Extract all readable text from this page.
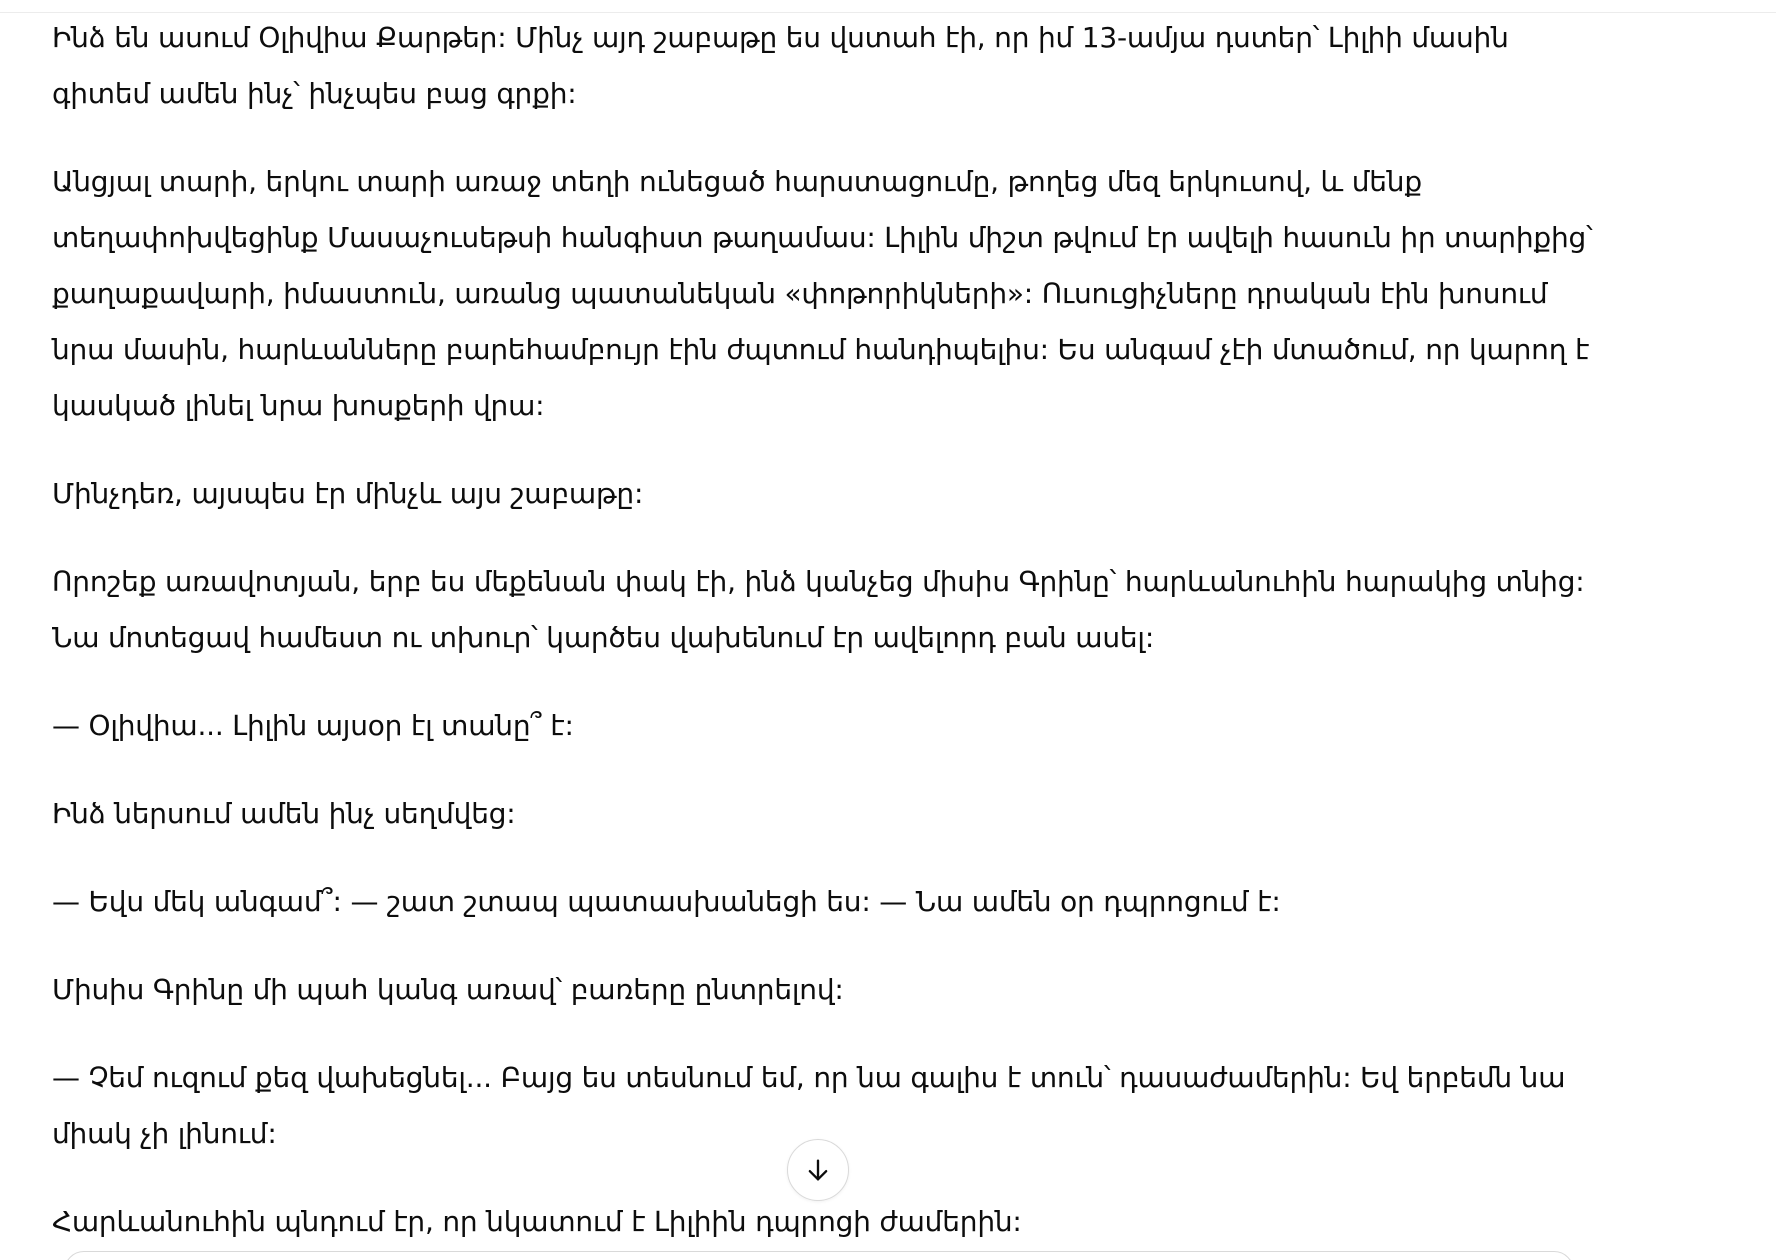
Ինձ են ասում Օլիվիա Քարթեր: Մինչ այդ շաբաթը ես վստահ էի, որ իմ 13-ամյա դստեր՝ Լիլիի մասին գիտեմ ամեն ինչ՝ ինչպես բաց գրքի:

Անցյալ տարի, երկու տարի առաջ տեղի ունեցած հարստացումը, թողեց մեզ երկուսով, և մենք տեղափոխվեցինք Մասաչուսեթսի հանգիստ թաղամաս: Լիլին միշտ թվում էր ավելի հասուն իր տարիքից՝ քաղաքավարի, իմաստուն, առանց պատանեկան «փոթորիկների»: Ուսուցիչները դրական էին խոսում նրա մասին, հարևանները բարեհամբույր էին ժպտում հանդիպելիս: Ես անգամ չէի մտածում, որ կարող է կասկած լինել նրա խոսքերի վրա:

Մինչդեռ, այսպես էր մինչև այս շաբաթը:

Որոշեք առավոտյան, երբ ես մեքենան փակ էի, ինձ կանչեց միսիս Գրինը՝ հարևանուհին հարակից տնից: Նա մոտեցավ համեստ ու տխուր՝ կարծես վախենում էր ավելորդ բան ասել:

— Օլիվիա... Լիլին այսօր էլ տանը՞ է:

Ինձ ներսում ամեն ինչ սեղմվեց:

— Եվս մեկ անգամ՞: — շատ շտապ պատասխանեցի ես: — Նա ամեն օր դպրոցում է:

Միսիս Գրինը մի պահ կանգ առավ՝ բառերը ընտրելով:

— Չեմ ուզում քեզ վախեցնել... Բայց ես տեսնում եմ, որ նա գալիս է տուն՝ դասաժամերին: Եվ երբեմն նա միակ չի լինում:

Հարևանուհին պնդում էր, որ նկատում է Լիլիին դպրոցի ժամերին:
